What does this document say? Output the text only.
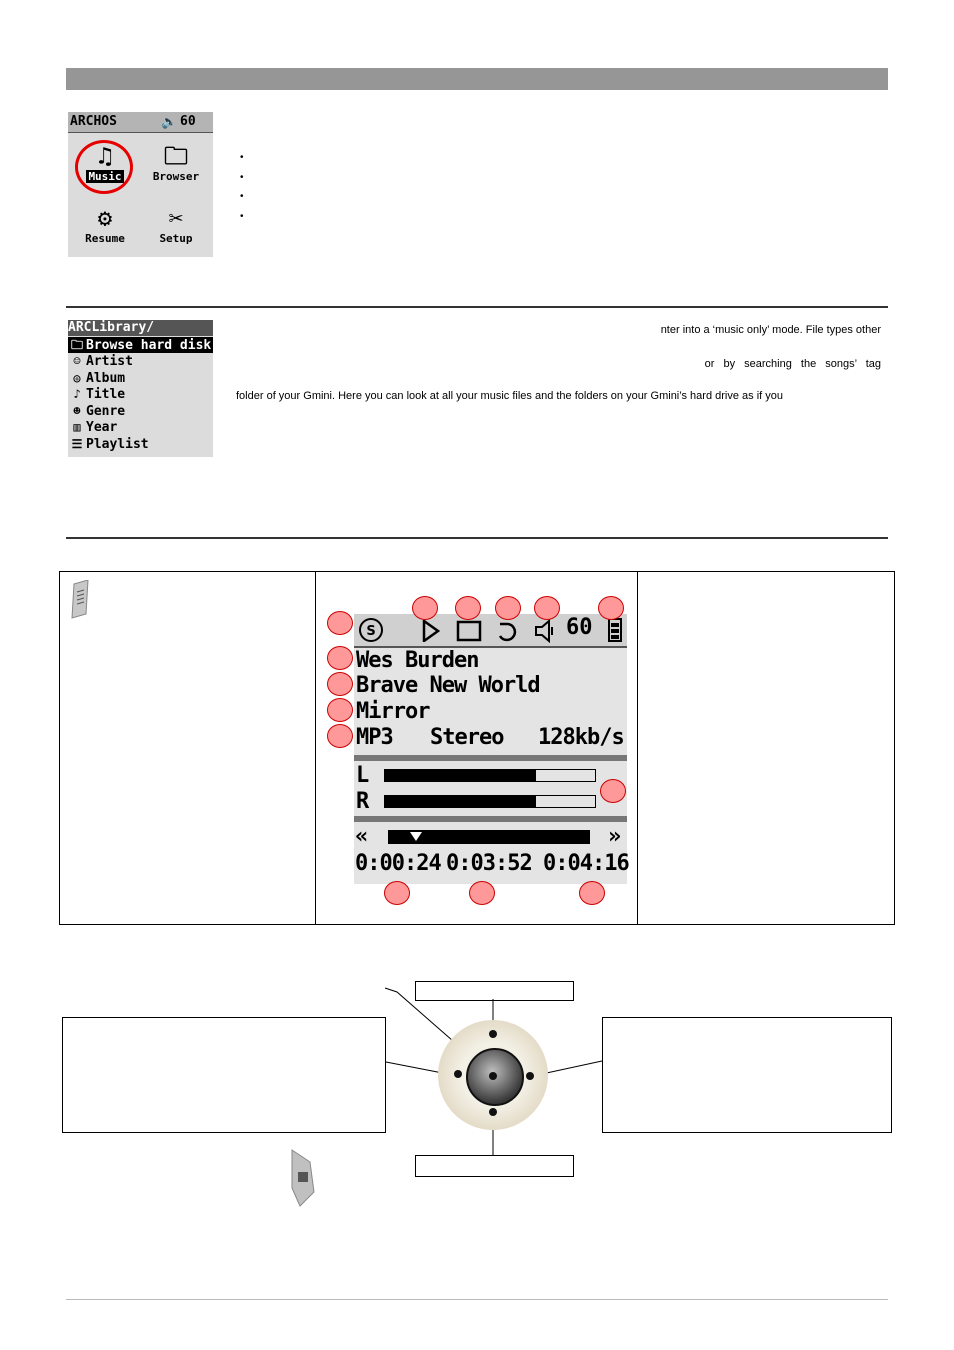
ARCHOS	🔈 60
♫
Music
🗀
Browser
⚙
Resume
✂
Setup
•
•
•
•
ARCLibrary/
🗀 Browse hard disk
☺ Artist
◎ Album
♪ Title
☻ Genre
▥ Year
☰ Playlist
nter into a ‘music only’ mode. File types other
or by searching the songs’ tag
folder of your Gmini. Here you can look at all your music files and the folders on your Gmini’s hard drive as if you
S	60
Wes Burden
Brave New World
Mirror
MP3 Stereo 128kb/s
L
R
«	»
0:00:24 0:03:52 0:04:16
